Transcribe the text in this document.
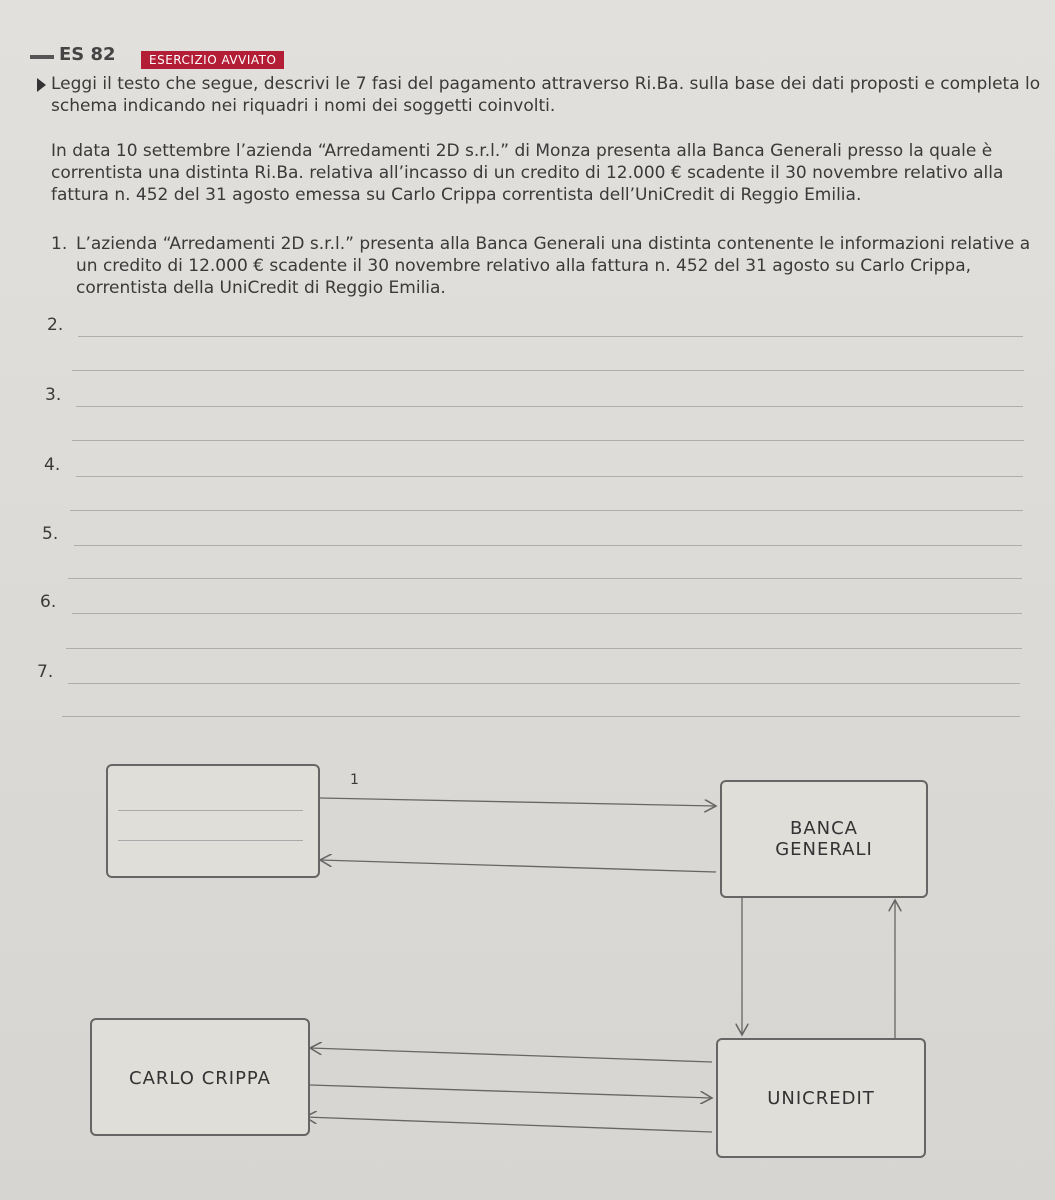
ES 82	ESERCIZIO AVVIATO
Leggi il testo che segue, descrivi le 7 fasi del pagamento attraverso Ri.Ba. sulla base dei dati proposti e completa lo schema indicando nei riquadri i nomi dei soggetti coinvolti.
In data 10 settembre l’azienda “Arredamenti 2D s.r.l.” di Monza presenta alla Banca Generali presso la quale è correntista una distinta Ri.Ba. relativa all’incasso di un credito di 12.000 € scadente il 30 novembre relativo alla fattura n. 452 del 31 agosto emessa su Carlo Crippa correntista dell’UniCredit di Reggio Emilia.
1. L’azienda “Arredamenti 2D s.r.l.” presenta alla Banca Generali una distinta contenente le informazioni relative a un credito di 12.000 € scadente il 30 novembre relativo alla fattura n. 452 del 31 agosto su Carlo Crippa, correntista della UniCredit di Reggio Emilia.
2.
3.
4.
5.
6.
7.
1
BANCA
GENERALI
CARLO CRIPPA
UNICREDIT
